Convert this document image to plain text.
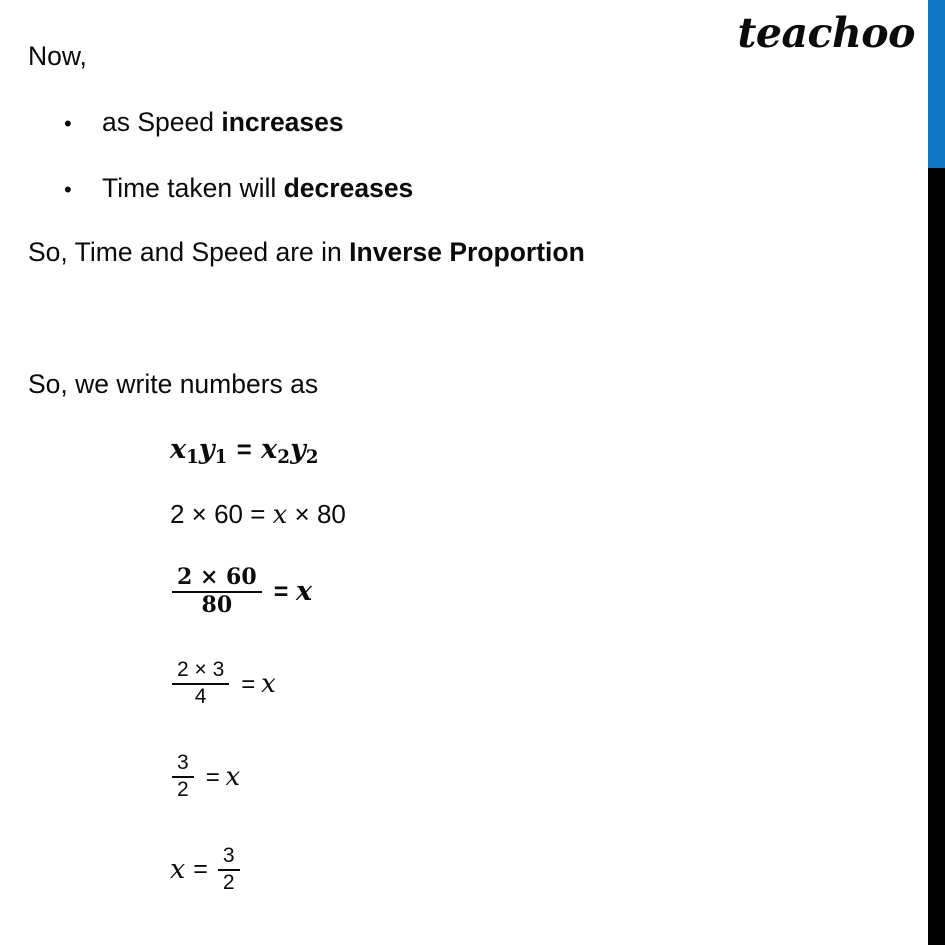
teachoo
Now,
•	as Speed increases
•	Time taken will decreases
So, Time and Speed are in Inverse Proportion
So, we write numbers as
$x_1y_1 = x_2y_2$
2 × 60 = x × 80
$\frac{2 \times 60}{80} = x$
$\frac{2 \times 3}{4} = x$
$\frac{3}{2} = x$
$x = \frac{3}{2}$
